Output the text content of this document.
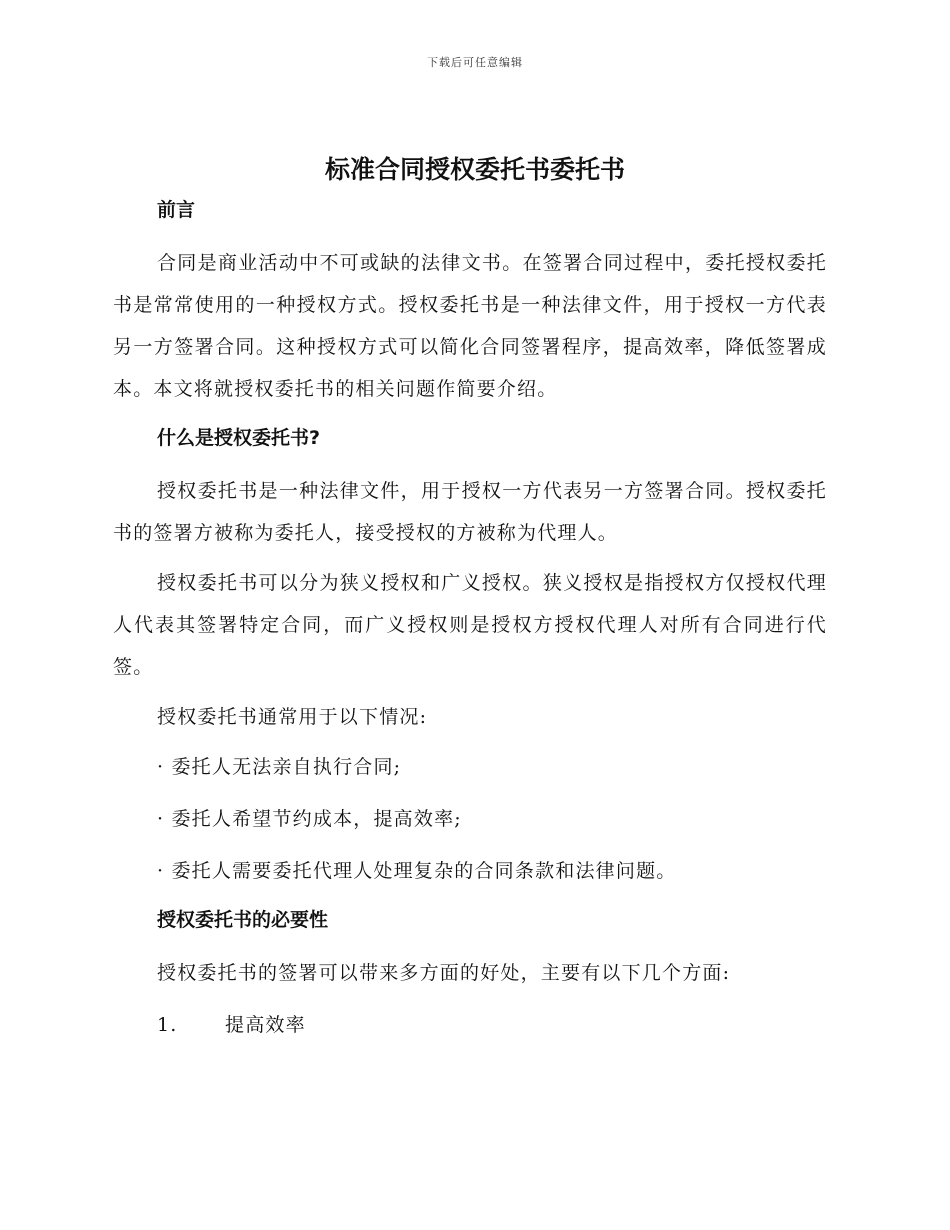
下载后可任意编辑
标准合同授权委托书委托书
前言

合同是商业活动中不可或缺的法律文书。在签署合同过程中，委托授权委托书是常常使用的一种授权方式。授权委托书是一种法律文件，用于授权一方代表另一方签署合同。这种授权方式可以简化合同签署程序，提高效率，降低签署成本。本文将就授权委托书的相关问题作简要介绍。

什么是授权委托书?

授权委托书是一种法律文件，用于授权一方代表另一方签署合同。授权委托书的签署方被称为委托人，接受授权的方被称为代理人。

授权委托书可以分为狭义授权和广义授权。狭义授权是指授权方仅授权代理人代表其签署特定合同，而广义授权则是授权方授权代理人对所有合同进行代签。

授权委托书通常用于以下情况:

· 委托人无法亲自执行合同;

· 委托人希望节约成本，提高效率;

· 委托人需要委托代理人处理复杂的合同条款和法律问题。

授权委托书的必要性

授权委托书的签署可以带来多方面的好处，主要有以下几个方面:

1. 提高效率
